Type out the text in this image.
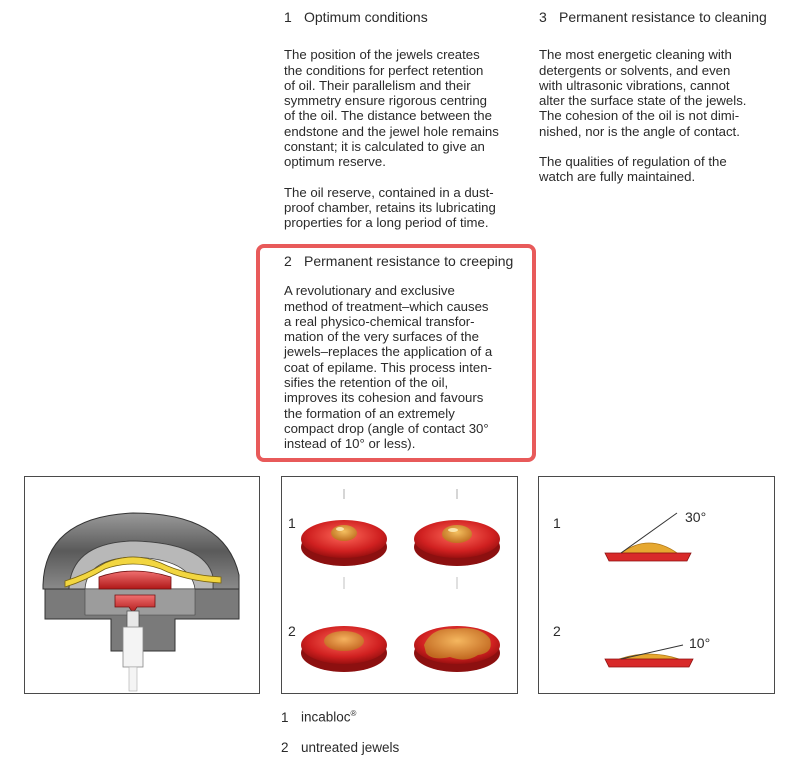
1 Optimum conditions

The position of the jewels creates
the conditions for perfect retention
of oil. Their parallelism and their
symmetry ensure rigorous centring
of the oil. The distance between the
endstone and the jewel hole remains
constant; it is calculated to give an
optimum reserve.

The oil reserve, contained in a dust-
proof chamber, retains its lubricating
properties for a long period of time.

3 Permanent resistance to cleaning

The most energetic cleaning with
detergents or solvents, and even
with ultrasonic vibrations, cannot
alter the surface state of the jewels.
The cohesion of the oil is not dimi-
nished, nor is the angle of contact.

The qualities of regulation of the
watch are fully maintained.

2 Permanent resistance to creeping

A revolutionary and exclusive
method of treatment–which causes
a real physico-chemical transfor-
mation of the very surfaces of the
jewels–replaces the application of a
coat of epilame. This process inten-
sifies the retention of the oil,
improves its cohesion and favours
the formation of an extremely
compact drop (angle of contact 30°
instead of 10° or less).

1
2
1
2
30°
10°
1 incabloc®
2 untreated jewels
